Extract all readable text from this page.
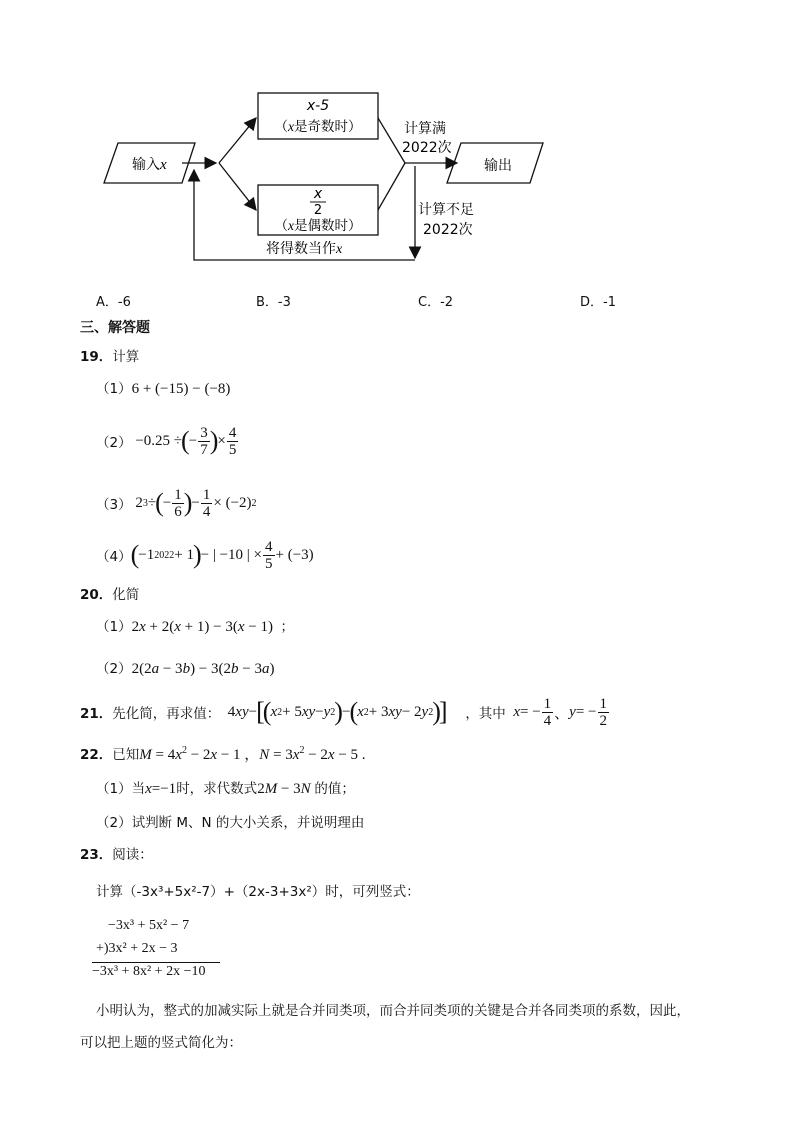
输入x
x-5
（x是奇数时）
x
2
（x是偶数时）
计算满
2022次
输出
计算不足
2022次
将得数当作x
A．-6	B．-3	C．-2	D．-1
三、解答题
19．计算
（1）6 + (−15) − (−8)
（2） −0.25 ÷ ( − $\frac{3}{7}$ ) × $\frac{4}{5}$
（3） 2 3 ÷ ( − $\frac{1}{6}$ ) − $\frac{1}{4} \times (-2)$ 2
（4） ( −1 2022 + 1 ) − | −10 | × $\frac{4}{5} + (-3)$
20．化简
（1）2x + 2(x + 1) − 3(x − 1)  ；
（2）2(2a − 3b) − 3(2b − 3a)
21． 先化简，再求值： 4 xy − [
( x 2 + 5 xy − y 2 ) − ( x 2 + 3 xy − 2 y 2 )
]
，其中
x = − $\frac{1}{4}$ 、 y = − $\frac{1}{2}$
22．已知$M = 4x^2 - 2x - 1$ ，$N = 3x^2 - 2x - 5$ .
（1）当x=−1时，求代数式2M − 3N 的值；
（2）试判断 M、N 的大小关系，并说明理由
23．阅读：
计算（-3x³+5x²-7）+（2x-3+3x²）时，可列竖式：
−3x³ + 5x² − 7
+)3x² + 2x − 3
−3x³ + 8x² + 2x −10
小明认为，整式的加减实际上就是合并同类项，而合并同类项的关键是合并各同类项的系数，因此，
可以把上题的竖式简化为：
